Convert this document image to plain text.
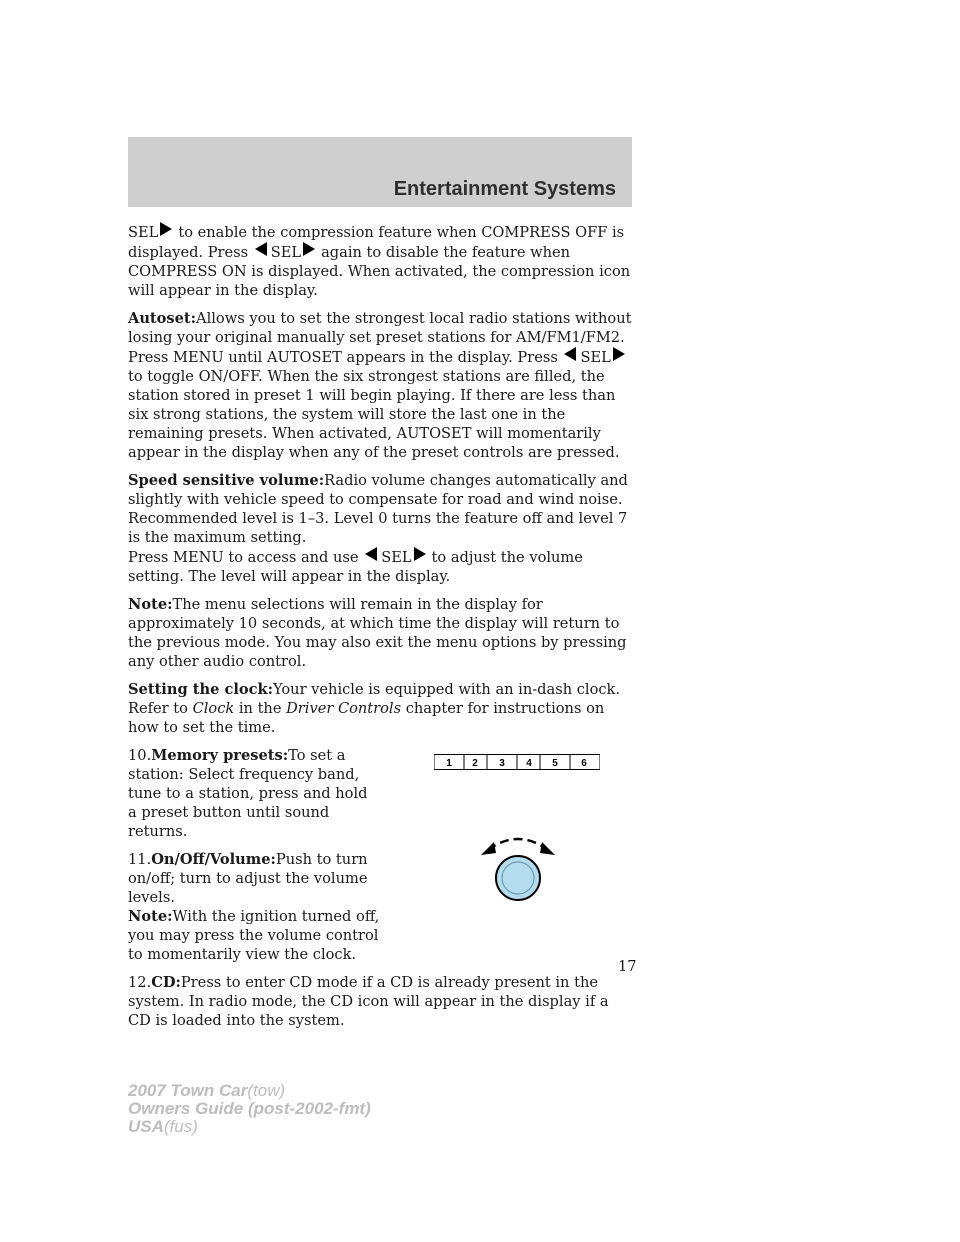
Entertainment Systems

SEL to enable the compression feature when COMPRESS OFF is displayed. Press SEL again to disable the feature when COMPRESS ON is displayed. When activated, the compression icon will appear in the display.

Autoset:Allows you to set the strongest local radio stations without losing your original manually set preset stations for AM/FM1/FM2. Press MENU until AUTOSET appears in the display. Press SELto toggle ON/OFF. When the six strongest stations are filled, the station stored in preset 1 will begin playing. If there are less than six strong stations, the system will store the last one in the remaining presets. When activated, AUTOSET will momentarily appear in the display when any of the preset controls are pressed.

Speed sensitive volume:Radio volume changes automatically and slightly with vehicle speed to compensate for road and wind noise. Recommended level is 1–3. Level 0 turns the feature off and level 7 is the maximum setting.

Press MENU to access and use SEL to adjust the volume setting. The level will appear in the display.

Note:The menu selections will remain in the display for approximately 10 seconds, at which time the display will return to the previous mode. You may also exit the menu options by pressing any other audio control.

Setting the clock:Your vehicle is equipped with an in-dash clock. Refer to Clock in the Driver Controls chapter for instructions on how to set the time.

10.Memory presets:To set a station: Select frequency band, tune to a station, press and hold a preset button until sound returns.

11.On/Off/Volume:Push to turn on/off; turn to adjust the volume levels.
Note:With the ignition turned off, you may press the volume control to momentarily view the clock.

1 2 3 4 5 6

12.CD:Press to enter CD mode if a CD is already present in the system. In radio mode, the CD icon will appear in the display if a CD is loaded into the system.

17
2007 Town Car(tow)
Owners Guide (post-2002-fmt)
USA(fus)
